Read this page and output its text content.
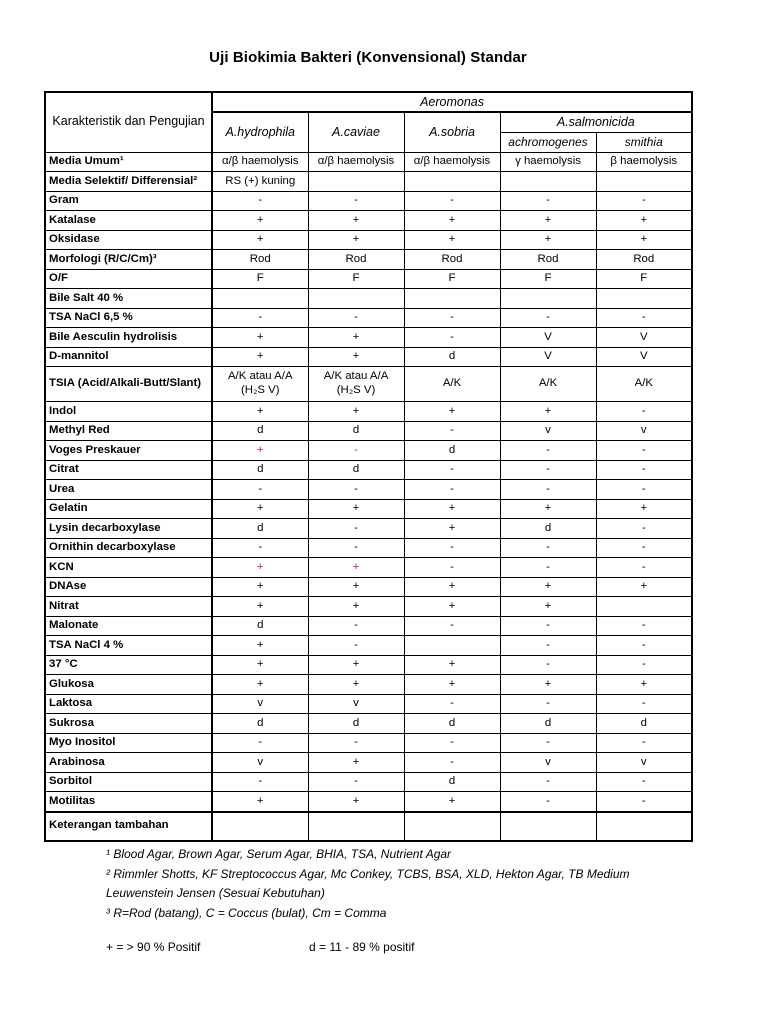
Uji Biokimia Bakteri (Konvensional) Standar
Karakteristik dan Pengujian	Aeromonas				
	A.hydrophila	A.caviae	A.sobria	A.salmonicida	
				achromogenes	smithia
Media Umum¹	α/β haemolysis	α/β haemolysis	α/β haemolysis	γ haemolysis	β haemolysis
Media Selektif/ Differensial²	RS (+) kuning				
Gram	-	-	-	-	-
Katalase	+	+	+	+	+
Oksidase	+	+	+	+	+
Morfologi (R/C/Cm)³	Rod	Rod	Rod	Rod	Rod
O/F	F	F	F	F	F
Bile Salt 40 %					
TSA NaCl 6,5 %	-	-	-	-	-
Bile Aesculin hydrolisis	+	+	-	V	V
D-mannitol	+	+	d	V	V
TSIA (Acid/Alkali-Butt/Slant)	A/K atau A/A (H₂S V)	A/K atau A/A (H₂S V)	A/K	A/K	A/K
Indol	+	+	+	+	-
Methyl Red	d	d	-	v	v
Voges Preskauer	+	-	d	-	-
Citrat	d	d	-	-	-
Urea	-	-	-	-	-
Gelatin	+	+	+	+	+
Lysin decarboxylase	d	-	+	d	-
Ornithin decarboxylase	-	-	-	-	-
KCN	+	+	-	-	-
DNAse	+	+	+	+	+
Nitrat	+	+	+	+	
Malonate	d	-	-	-	-
TSA NaCl 4 %	+	-		-	-
37 °C	+	+	+	-	-
Glukosa	+	+	+	+	+
Laktosa	v	v	-	-	-
Sukrosa	d	d	d	d	d
Myo Inositol	-	-	-	-	-
Arabinosa	v	+	-	v	v
Sorbitol	-	-	d	-	-
Motilitas	+	+	+	-	-
Keterangan tambahan					
¹ Blood Agar, Brown Agar, Serum Agar, BHIA, TSA, Nutrient Agar
² Rimmler Shotts, KF Streptococcus Agar, Mc Conkey, TCBS, BSA, XLD, Hekton Agar, TB Medium
Leuwenstein Jensen (Sesuai Kebutuhan)
³ R=Rod (batang), C = Coccus (bulat), Cm = Comma
+ = > 90 % Positif	d = 11 - 89 % positif
